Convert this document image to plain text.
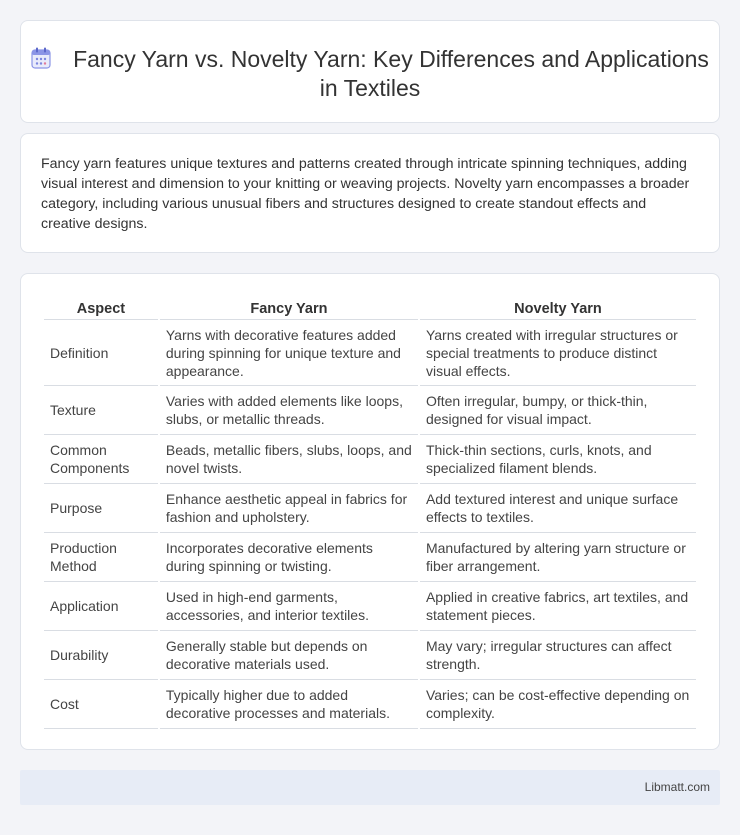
Fancy Yarn vs. Novelty Yarn: Key Differences and Applications in Textiles

Fancy yarn features unique textures and patterns created through intricate spinning techniques, adding visual interest and dimension to your knitting or weaving projects. Novelty yarn encompasses a broader category, including various unusual fibers and structures designed to create standout effects and creative designs.

Aspect	Fancy Yarn	Novelty Yarn
Definition	Yarns with decorative features added during spinning for unique texture and appearance.	Yarns created with irregular structures or special treatments to produce distinct visual effects.
Texture	Varies with added elements like loops, slubs, or metallic threads.	Often irregular, bumpy, or thick-thin, designed for visual impact.
Common Components	Beads, metallic fibers, slubs, loops, and novel twists.	Thick-thin sections, curls, knots, and specialized filament blends.
Purpose	Enhance aesthetic appeal in fabrics for fashion and upholstery.	Add textured interest and unique surface effects to textiles.
Production Method	Incorporates decorative elements during spinning or twisting.	Manufactured by altering yarn structure or fiber arrangement.
Application	Used in high-end garments, accessories, and interior textiles.	Applied in creative fabrics, art textiles, and statement pieces.
Durability	Generally stable but depends on decorative materials used.	May vary; irregular structures can affect strength.
Cost	Typically higher due to added decorative processes and materials.	Varies; can be cost-effective depending on complexity.
Libmatt.com
